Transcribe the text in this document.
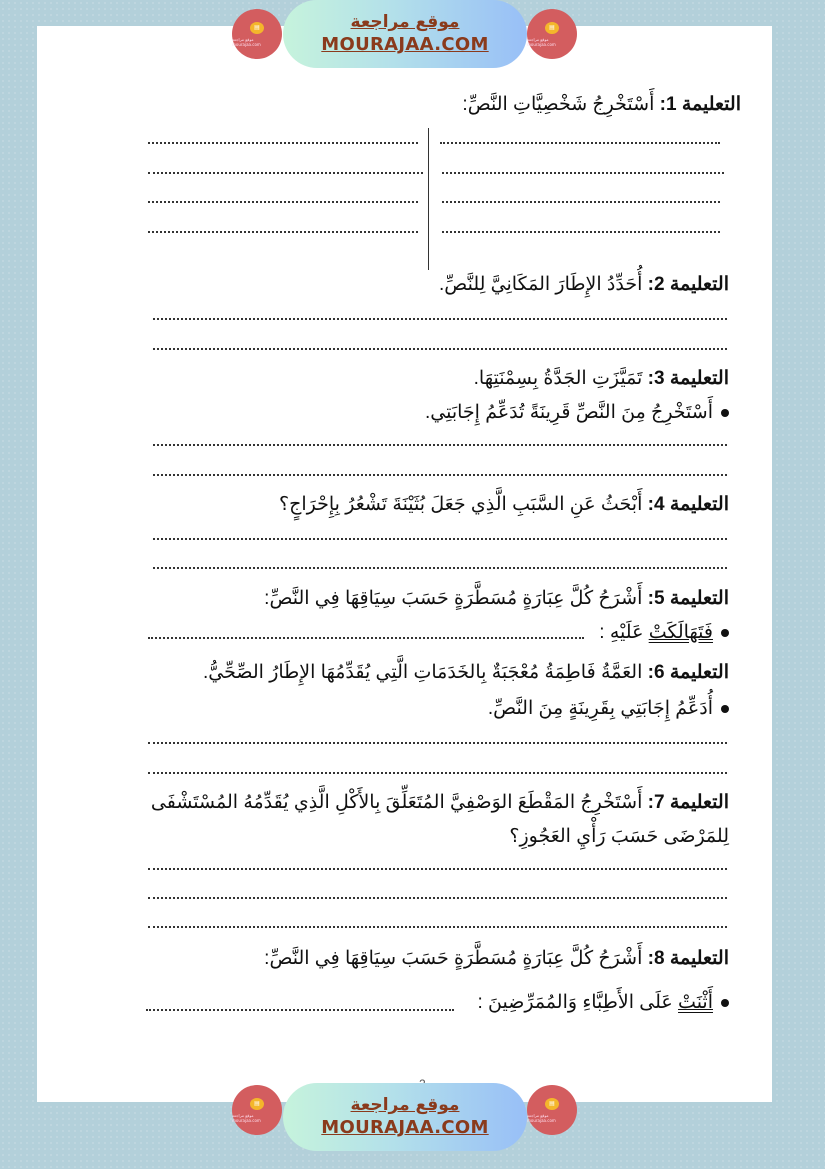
▤
موقع مراجعة mourajaa.com
موقع مراجعة
MOURAJAA.COM
▤
موقع مراجعة mourajaa.com
التعليمة 1: أَسْتَخْرِجُ شَخْصِيَّاتِ النَّصِّ:
التعليمة 2: أُحَدِّدُ الإِطَارَ المَكَانِيَّ لِلنَّصِّ.
التعليمة 3: تَمَيَّزَتِ الجَدَّةُ بِسِمْنَتِهَا.
أَسْتَخْرِجُ مِنَ النَّصِّ قَرِينَةً تُدَعِّمُ إِجَابَتِي.
التعليمة 4: أَبْحَثُ عَنِ السَّبَبِ الَّذِي جَعَلَ بُثَيْنَةَ تَشْعُرُ بِإِحْرَاجٍ؟
التعليمة 5: أَشْرَحُ كُلَّ عِبَارَةٍ مُسَطَّرَةٍ حَسَبَ سِيَاقِهَا فِي النَّصِّ:
فَتَهَالَكَتْ عَلَيْهِ :
التعليمة 6: العَمَّةُ فَاطِمَةُ مُعْجَبَةٌ بِالخَدَمَاتِ الَّتِي يُقَدِّمُهَا الإِطَارُ الصِّحِّيُّ.
أُدَعِّمُ إِجَابَتِي بِقَرِينَةٍ مِنَ النَّصِّ.
التعليمة 7: أَسْتَخْرِجُ المَقْطَعَ الوَصْفِيَّ المُتَعَلِّقَ بِالأَكْلِ الَّذِي يُقَدِّمُهُ المُسْتَشْفَى
لِلمَرْضَى حَسَبَ رَأْيِ العَجُوزِ؟
التعليمة 8: أَشْرَحُ كُلَّ عِبَارَةٍ مُسَطَّرَةٍ حَسَبَ سِيَاقِهَا فِي النَّصِّ:
أَثْنَتْ عَلَى الأَطِبَّاءِ وَالمُمَرِّضِينَ :
▤
موقع مراجعة mourajaa.com
موقع مراجعة
MOURAJAA.COM
▤
موقع مراجعة mourajaa.com
